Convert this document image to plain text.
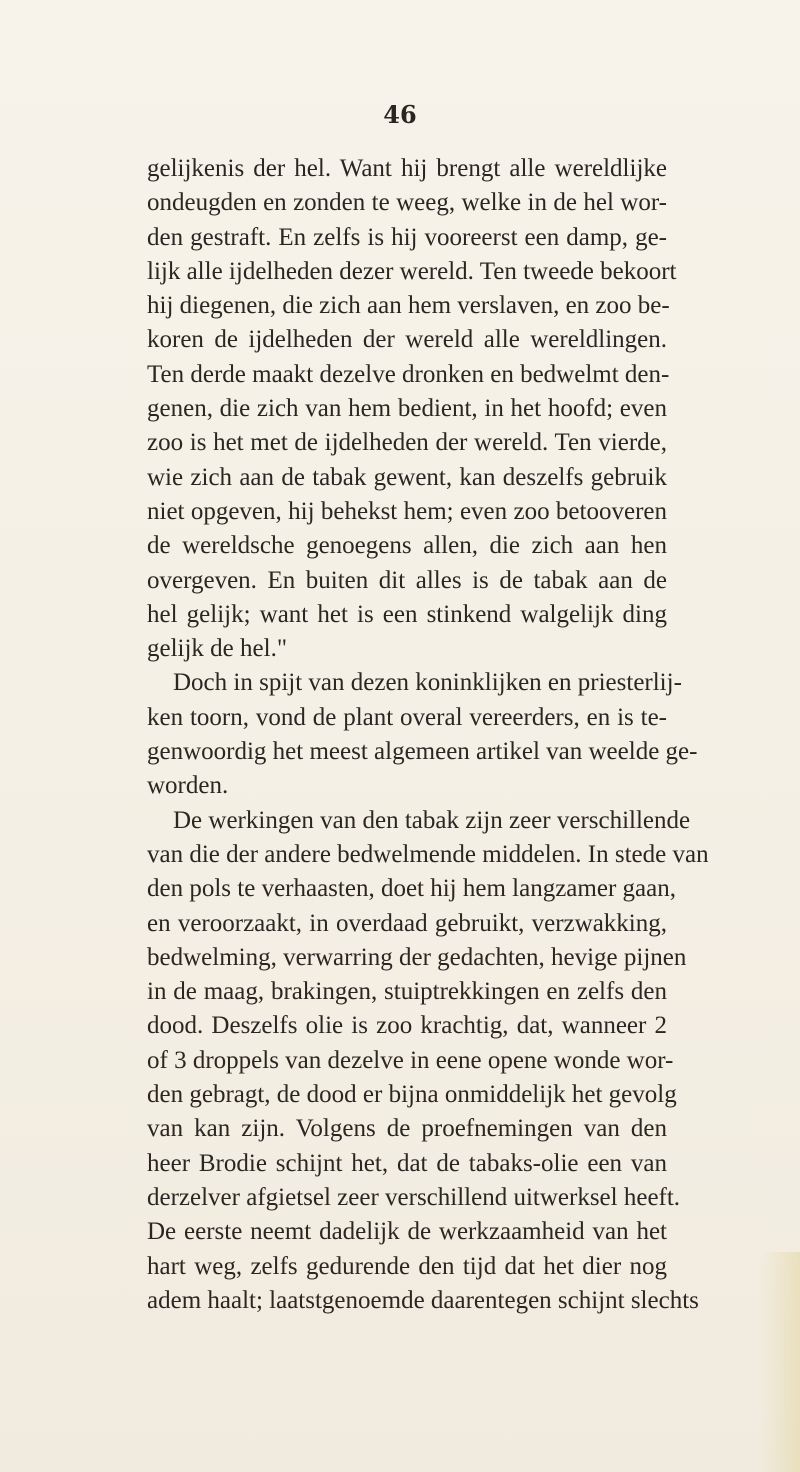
46
gelijkenis der hel. Want hij brengt alle wereldlijke
ondeugden en zonden te weeg, welke in de hel wor-
den gestraft. En zelfs is hij vooreerst een damp, ge-
lijk alle ijdelheden dezer wereld. Ten tweede bekoort
hij diegenen, die zich aan hem verslaven, en zoo be-
koren de ijdelheden der wereld alle wereldlingen.
Ten derde maakt dezelve dronken en bedwelmt den-
genen, die zich van hem bedient, in het hoofd; even
zoo is het met de ijdelheden der wereld. Ten vierde,
wie zich aan de tabak gewent, kan deszelfs gebruik
niet opgeven, hij behekst hem; even zoo betooveren
de wereldsche genoegens allen, die zich aan hen
overgeven. En buiten dit alles is de tabak aan de
hel gelijk; want het is een stinkend walgelijk ding
gelijk de hel."
Doch in spijt van dezen koninklijken en priesterlij-
ken toorn, vond de plant overal vereerders, en is te-
genwoordig het meest algemeen artikel van weelde ge-
worden.
De werkingen van den tabak zijn zeer verschillende
van die der andere bedwelmende middelen. In stede van
den pols te verhaasten, doet hij hem langzamer gaan,
en veroorzaakt, in overdaad gebruikt, verzwakking,
bedwelming, verwarring der gedachten, hevige pijnen
in de maag, brakingen, stuiptrekkingen en zelfs den
dood. Deszelfs olie is zoo krachtig, dat, wanneer 2
of 3 droppels van dezelve in eene opene wonde wor-
den gebragt, de dood er bijna onmiddelijk het gevolg
van kan zijn. Volgens de proefnemingen van den
heer Brodie schijnt het, dat de tabaks-olie een van
derzelver afgietsel zeer verschillend uitwerksel heeft.
De eerste neemt dadelijk de werkzaamheid van het
hart weg, zelfs gedurende den tijd dat het dier nog
adem haalt; laatstgenoemde daarentegen schijnt slechts
